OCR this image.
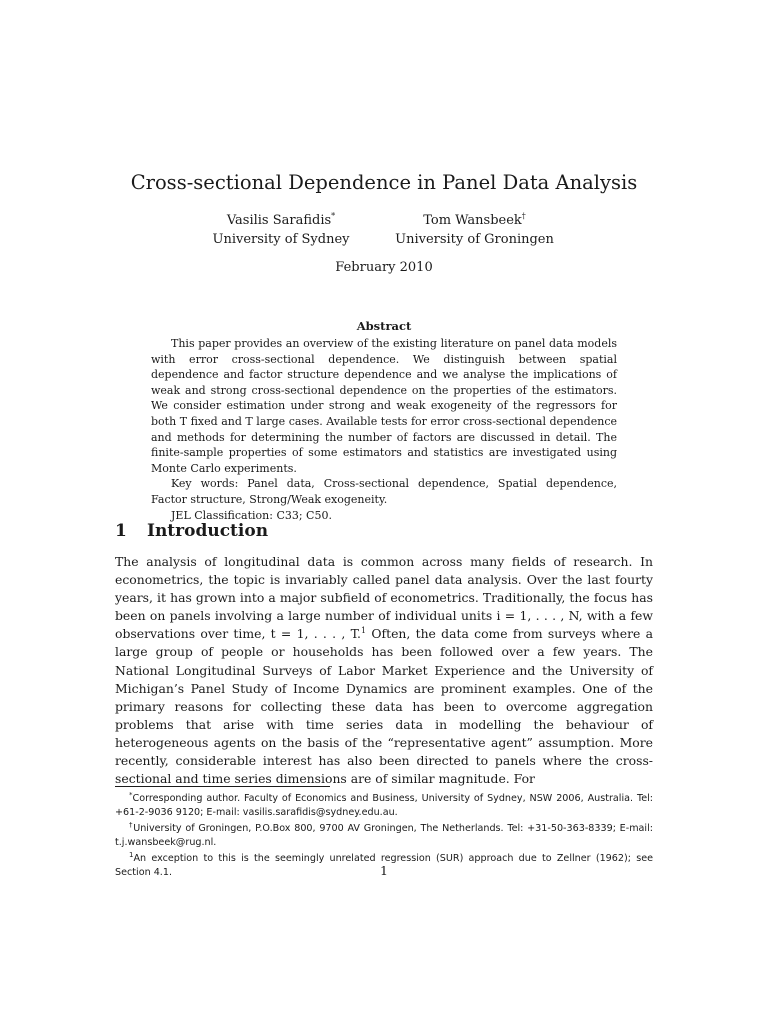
Cross-sectional Dependence in Panel Data Analysis
Vasilis Sarafidis*
University of Sydney
Tom Wansbeek†
University of Groningen
February 2010
Abstract

This paper provides an overview of the existing literature on panel data models with error cross-sectional dependence. We distinguish between spatial dependence and factor structure dependence and we analyse the implications of weak and strong cross-sectional dependence on the properties of the estimators. We consider estimation under strong and weak exogeneity of the regressors for both T fixed and T large cases. Available tests for error cross-sectional dependence and methods for determining the number of factors are discussed in detail. The finite-sample properties of some estimators and statistics are investigated using Monte Carlo experiments.

Key words: Panel data, Cross-sectional dependence, Spatial dependence, Factor structure, Strong/Weak exogeneity.

JEL Classification: C33; C50.

1 Introduction

The analysis of longitudinal data is common across many fields of research. In econometrics, the topic is invariably called panel data analysis. Over the last fourty years, it has grown into a major subfield of econometrics. Traditionally, the focus has been on panels involving a large number of individual units i = 1, . . . , N, with a few observations over time, t = 1, . . . , T.$^1$ Often, the data come from surveys where a large group of people or households has been followed over a few years. The National Longitudinal Surveys of Labor Market Experience and the University of Michigan’s Panel Study of Income Dynamics are prominent examples. One of the primary reasons for collecting these data has been to overcome aggregation problems that arise with time series data in modelling the behaviour of heterogeneous agents on the basis of the “representative agent” assumption. More recently, considerable interest has also been directed to panels where the cross-sectional and time series dimensions are of similar magnitude. For

*Corresponding author. Faculty of Economics and Business, University of Sydney, NSW 2006, Australia. Tel: +61-2-9036 9120; E-mail: vasilis.sarafidis@sydney.edu.au.

†University of Groningen, P.O.Box 800, 9700 AV Groningen, The Netherlands. Tel: +31-50-363-8339; E-mail: t.j.wansbeek@rug.nl.

$^1$An exception to this is the seemingly unrelated regression (SUR) approach due to Zellner (1962); see Section 4.1.	1
